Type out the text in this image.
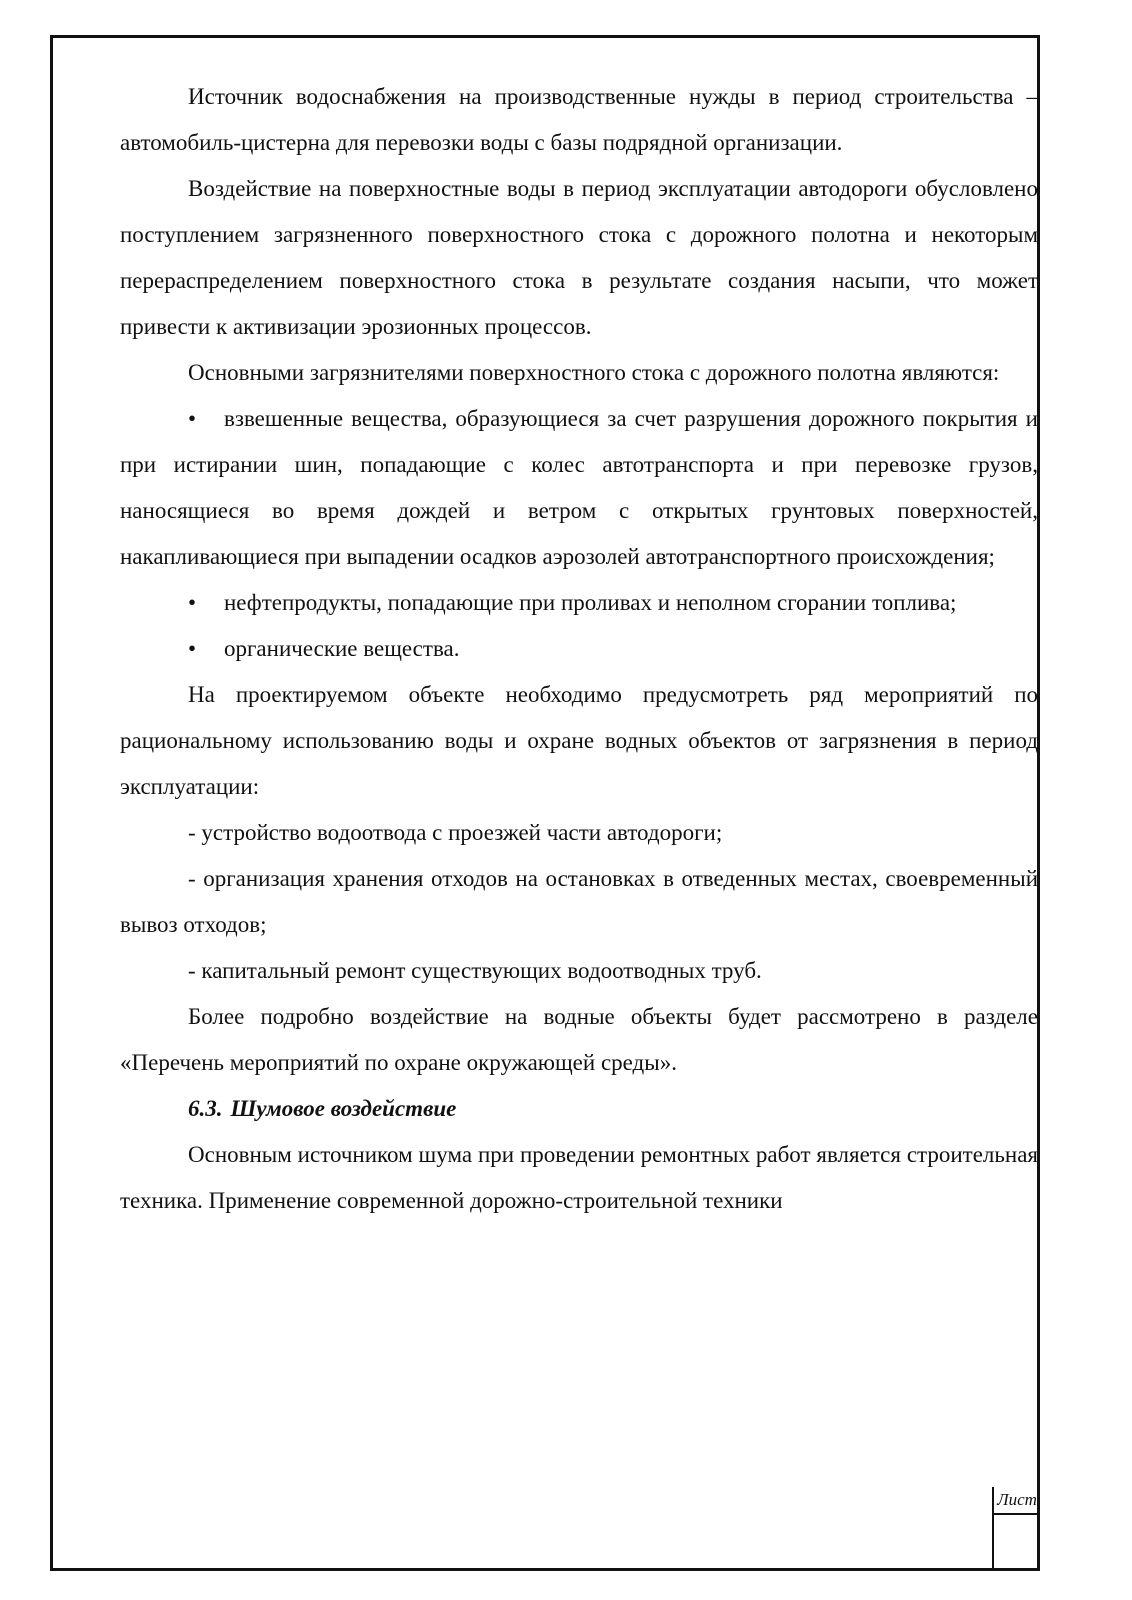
Источник водоснабжения на производственные нужды в период строительства – автомобиль-цистерна для перевозки воды с базы подрядной организации.

Воздействие на поверхностные воды в период эксплуатации автодороги обусловлено поступлением загрязненного поверхностного стока с дорожного полотна и некоторым перераспределением поверхностного стока в результате создания насыпи, что может привести к активизации эрозионных процессов.

Основными загрязнителями поверхностного стока с дорожного полотна являются:

• взвешенные вещества, образующиеся за счет разрушения дорожного покрытия и при истирании шин, попадающие с колес автотранспорта и при перевозке грузов, наносящиеся во время дождей и ветром с открытых грунтовых поверхностей, накапливающиеся при выпадении осадков аэрозолей автотранспортного происхождения;

• нефтепродукты, попадающие при проливах и неполном сгорании топлива;

• органические вещества.

На проектируемом объекте необходимо предусмотреть ряд мероприятий по рациональному использованию воды и охране водных объектов от загрязнения в период эксплуатации:

- устройство водоотвода с проезжей части автодороги;

- организация хранения отходов на остановках в отведенных местах, своевременный вывоз отходов;

- капитальный ремонт существующих водоотводных труб.

Более подробно воздействие на водные объекты будет рассмотрено в разделе «Перечень мероприятий по охране окружающей среды».

6.3. Шумовое воздействие

Основным источником шума при проведении ремонтных работ является строительная техника. Применение современной дорожно-строительной техники

Лист
